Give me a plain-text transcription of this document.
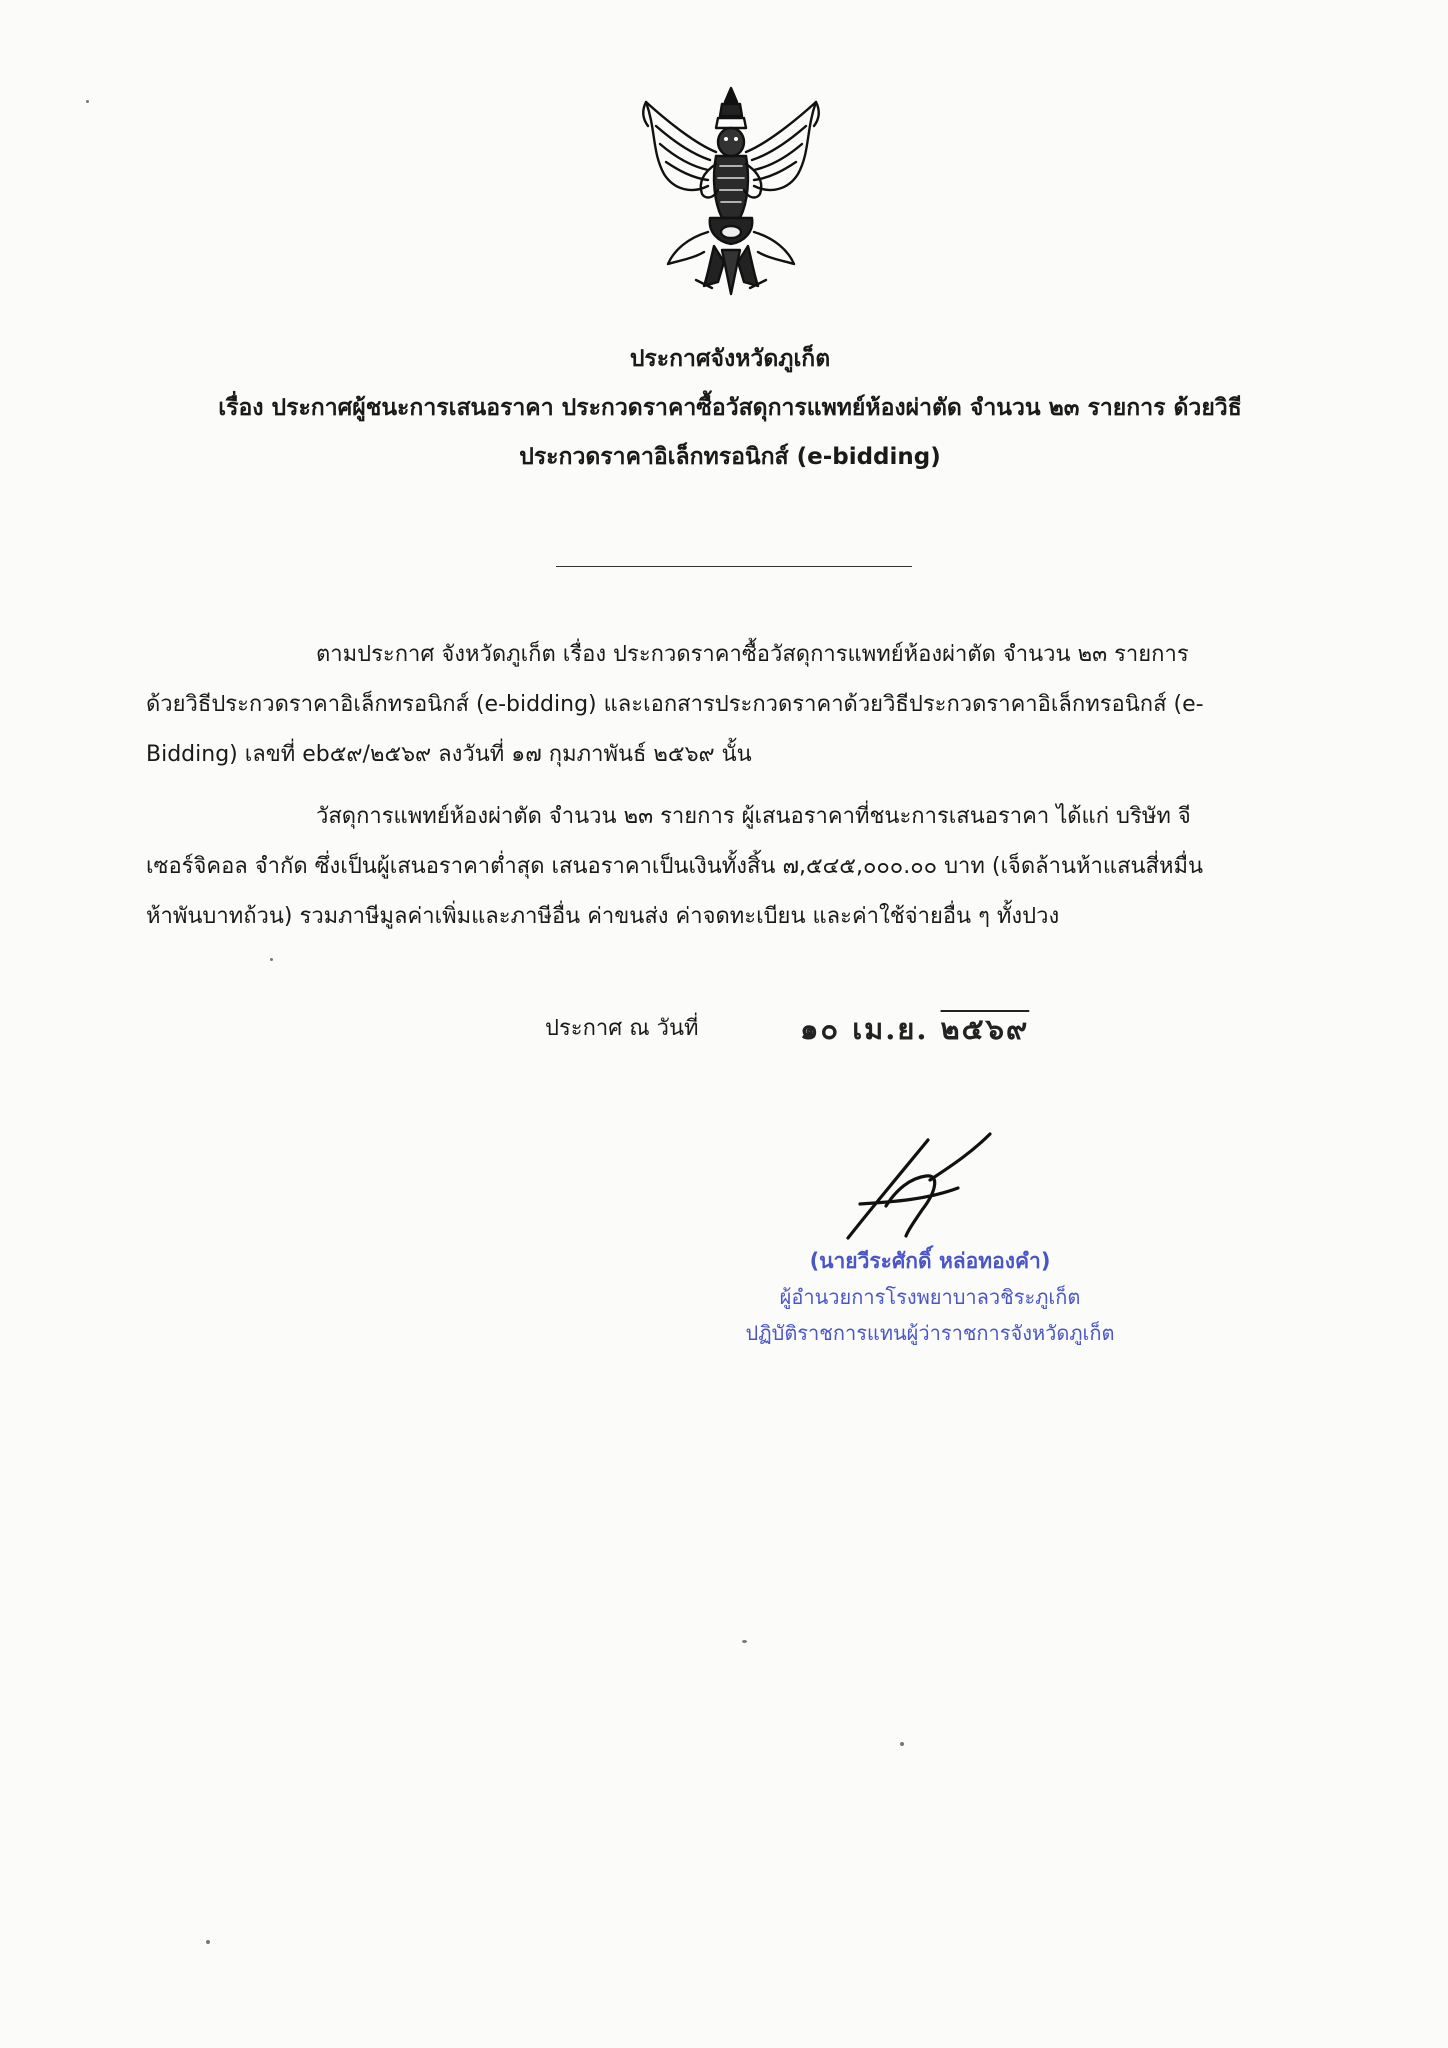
ประกาศจังหวัดภูเก็ต
เรื่อง ประกาศผู้ชนะการเสนอราคา ประกวดราคาซื้อวัสดุการแพทย์ห้องผ่าตัด จำนวน ๒๓ รายการ ด้วยวิธี
ประกวดราคาอิเล็กทรอนิกส์ (e-bidding)
ตามประกาศ จังหวัดภูเก็ต เรื่อง ประกวดราคาซื้อวัสดุการแพทย์ห้องผ่าตัด จำนวน ๒๓ รายการ
ด้วยวิธีประกวดราคาอิเล็กทรอนิกส์ (e-bidding) และเอกสารประกวดราคาด้วยวิธีประกวดราคาอิเล็กทรอนิกส์ (e-
Bidding) เลขที่ eb๕๙/๒๕๖๙ ลงวันที่ ๑๗ กุมภาพันธ์ ๒๕๖๙ นั้น
วัสดุการแพทย์ห้องผ่าตัด จำนวน ๒๓ รายการ ผู้เสนอราคาที่ชนะการเสนอราคา ได้แก่ บริษัท จี
เซอร์จิคอล จำกัด ซึ่งเป็นผู้เสนอราคาต่ำสุด เสนอราคาเป็นเงินทั้งสิ้น ๗,๕๔๕,๐๐๐.๐๐ บาท (เจ็ดล้านห้าแสนสี่หมื่น
ห้าพันบาทถ้วน) รวมภาษีมูลค่าเพิ่มและภาษีอื่น ค่าขนส่ง ค่าจดทะเบียน และค่าใช้จ่ายอื่น ๆ ทั้งปวง
ประกาศ ณ วันที่	๑๐ เม.ย. ๒๕๖๙
(นายวีระศักดิ์ หล่อทองคำ)
ผู้อำนวยการโรงพยาบาลวชิระภูเก็ต
ปฏิบัติราชการแทนผู้ว่าราชการจังหวัดภูเก็ต
